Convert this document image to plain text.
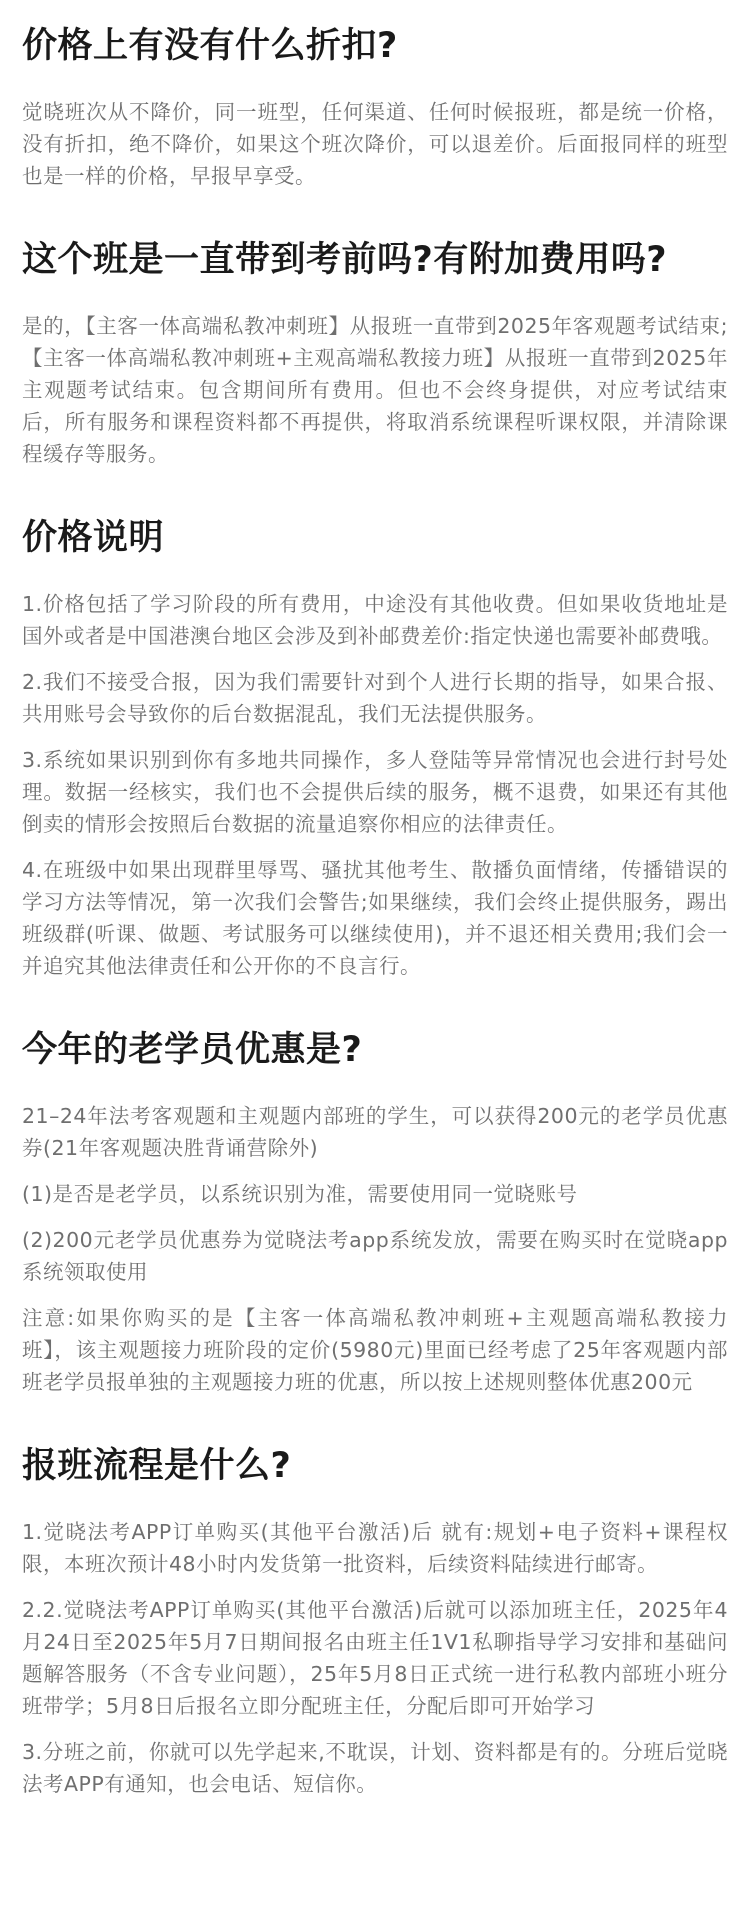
价格上有没有什么折扣?

觉晓班次从不降价，同一班型，任何渠道、任何时候报班，都是统一价格，没有折扣，绝不降价，如果这个班次降价，可以退差价。后面报同样的班型也是一样的价格，早报早享受。

这个班是一直带到考前吗?有附加费用吗?

是的，【主客一体高端私教冲刺班】从报班一直带到2025年客观题考试结束;【主客一体高端私教冲刺班+主观高端私教接力班】从报班一直带到2025年主观题考试结束。包含期间所有费用。但也不会终身提供，对应考试结束后，所有服务和课程资料都不再提供，将取消系统课程听课权限，并清除课程缓存等服务。

价格说明

1.价格包括了学习阶段的所有费用，中途没有其他收费。但如果收货地址是国外或者是中国港澳台地区会涉及到补邮费差价:指定快递也需要补邮费哦。

2.我们不接受合报，因为我们需要针对到个人进行长期的指导，如果合报、共用账号会导致你的后台数据混乱，我们无法提供服务。

3.系统如果识别到你有多地共同操作，多人登陆等异常情况也会进行封号处理。数据一经核实，我们也不会提供后续的服务，概不退费，如果还有其他倒卖的情形会按照后台数据的流量追察你相应的法律责任。

4.在班级中如果出现群里辱骂、骚扰其他考生、散播负面情绪，传播错误的学习方法等情况，第一次我们会警告;如果继续，我们会终止提供服务，踢出班级群(听课、做题、考试服务可以继续使用)，并不退还相关费用;我们会一并追究其他法律责任和公开你的不良言行。

今年的老学员优惠是?

21–24年法考客观题和主观题内部班的学生，可以获得200元的老学员优惠券(21年客观题决胜背诵营除外)

(1)是否是老学员，以系统识别为准，需要使用同一觉晓账号

(2)200元老学员优惠券为觉晓法考app系统发放，需要在购买时在觉晓app系统领取使用

注意:如果你购买的是【主客一体高端私教冲刺班+主观题高端私教接力班】，该主观题接力班阶段的定价(5980元)里面已经考虑了25年客观题内部班老学员报单独的主观题接力班的优惠，所以按上述规则整体优惠200元

报班流程是什么?

1.觉晓法考APP订单购买(其他平台激活)后 就有:规划+电子资料+课程权限，本班次预计48小时内发货第一批资料，后续资料陆续进行邮寄。

2.2.觉晓法考APP订单购买(其他平台激活)后就可以添加班主任，2025年4月24日至2025年5月7日期间报名由班主任1V1私聊指导学习安排和基础问题解答服务（不含专业问题），25年5月8日正式统一进行私教内部班小班分班带学；5月8日后报名立即分配班主任，分配后即可开始学习

3.分班之前，你就可以先学起来,不耽误，计划、资料都是有的。分班后觉晓法考APP有通知，也会电话、短信你。
